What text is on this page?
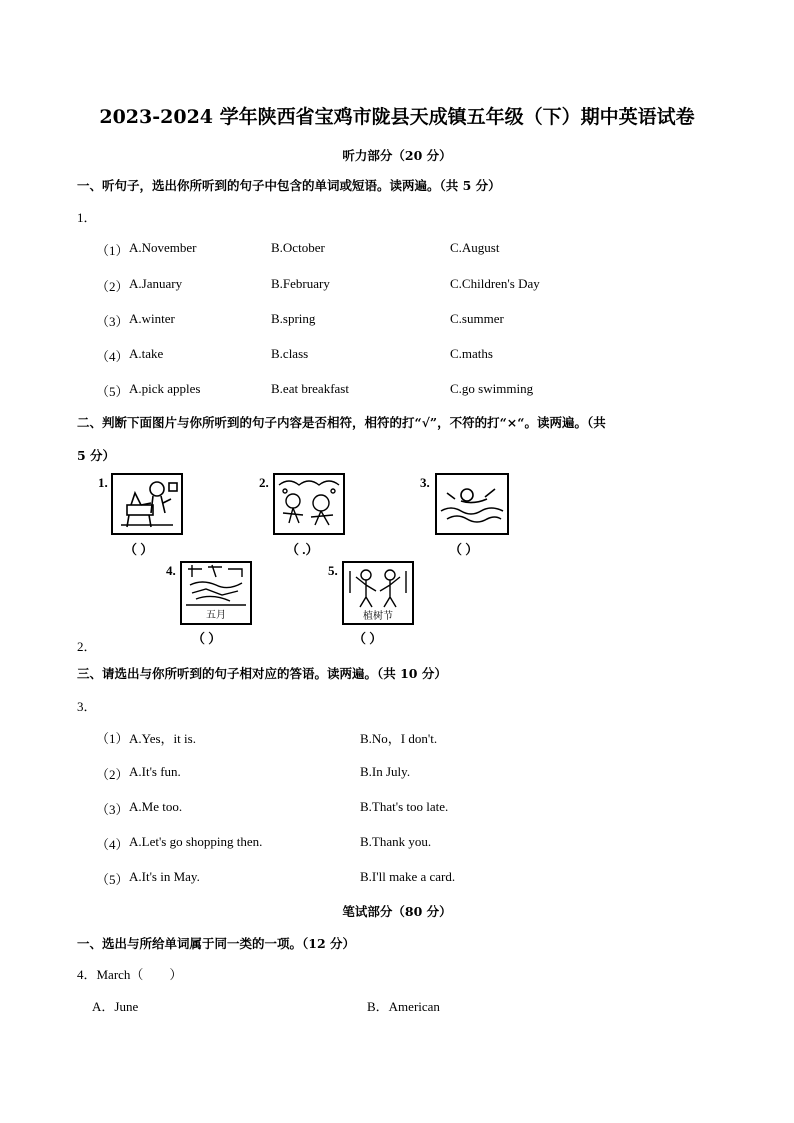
2023-2024 学年陕西省宝鸡市陇县天成镇五年级（下）期中英语试卷
听力部分（20 分）
一、听句子，选出你所听到的句子中包含的单词或短语。读两遍。（共 5 分）
1．
（1） A.November	B.October	C.August
（2） A.January	B.February	C.Children's Day
（3） A.winter	B.spring	C.summer
（4） A.take	B.class	C.maths
（5） A.pick apples	B.eat breakfast	C.go swimming
二、判断下面图片与你所听到的句子内容是否相符，相符的打“√”，不符的打“×“。读两遍。（共
5 分）
1.
（ ）
2.
（ .）
3.
（ ）
4.
五月
（ ）
5.
植树节
（ ）
2．
三、请选出与你所听到的句子相对应的答语。读两遍。（共 10 分）
3．
（1） A.Yes，it is.	B.No，I don't.
（2） A.It's fun.	B.In July.
（3） A.Me too.	B.That's too late.
（4） A.Let's go shopping then.	B.Thank you.
（5） A.It's in May.	B.I'll make a card.
笔试部分（80 分）
一、选出与所给单词属于同一类的一项。（12 分）
4．March（　　）
A．June	B．American
